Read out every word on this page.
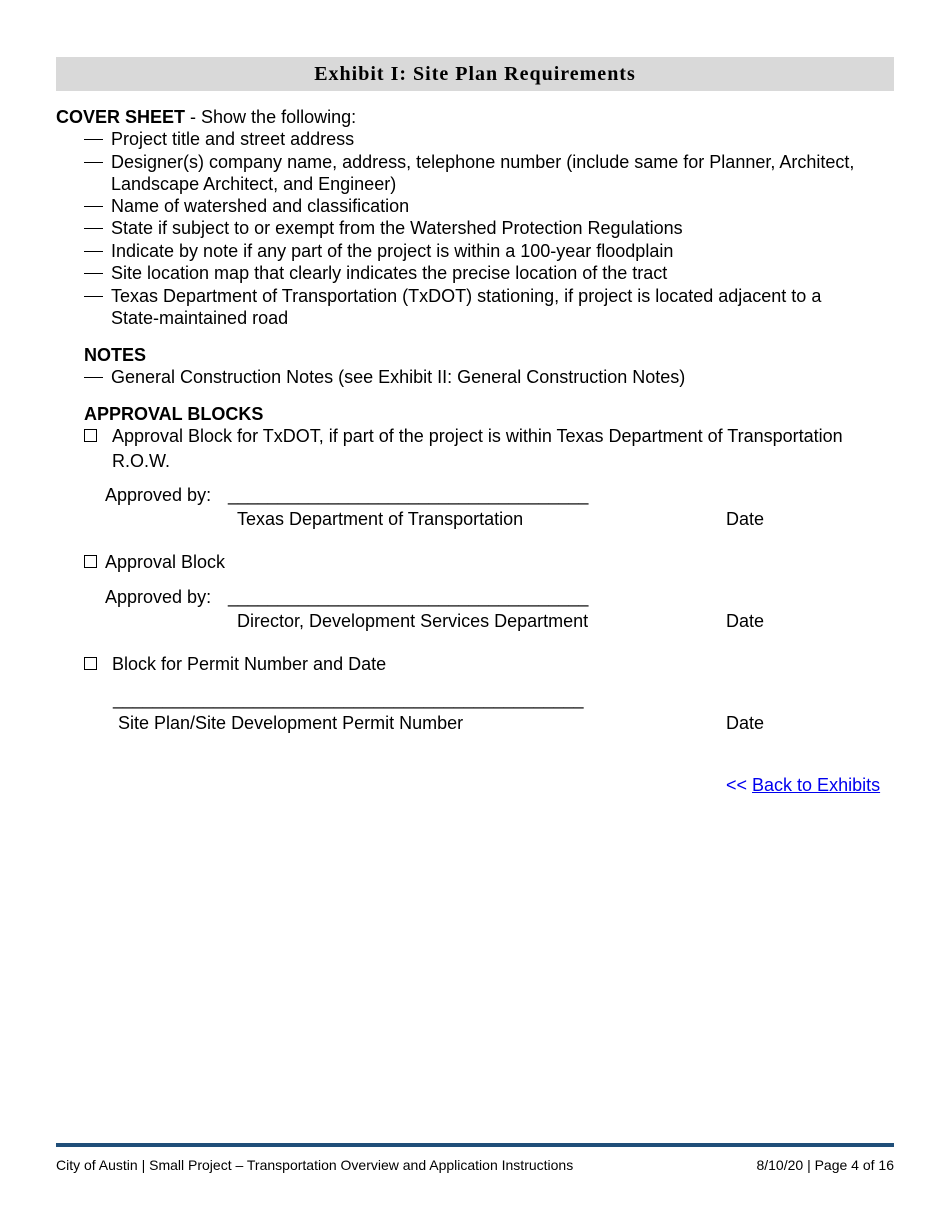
Exhibit I: Site Plan Requirements
COVER SHEET - Show the following:
Project title and street address
Designer(s) company name, address, telephone number (include same for Planner, Architect,
Landscape Architect, and Engineer)
Name of watershed and classification
State if subject to or exempt from the Watershed Protection Regulations
Indicate by note if any part of the project is within a 100-year floodplain
Site location map that clearly indicates the precise location of the tract
Texas Department of Transportation (TxDOT) stationing, if project is located adjacent to a
State-maintained road
NOTES
General Construction Notes (see Exhibit II: General Construction Notes)
APPROVAL BLOCKS
Approval Block for TxDOT, if part of the project is within Texas Department of Transportation
R.O.W.
Approved by: ____________________________________
Texas Department of Transportation	Date
Approval Block
Approved by: ____________________________________
Director, Development Services Department	Date
Block for Permit Number and Date
_______________________________________________
Site Plan/Site Development Permit Number	Date
<< Back to Exhibits
City of Austin | Small Project – Transportation Overview and Application Instructions	8/10/20 | Page 4 of 16
